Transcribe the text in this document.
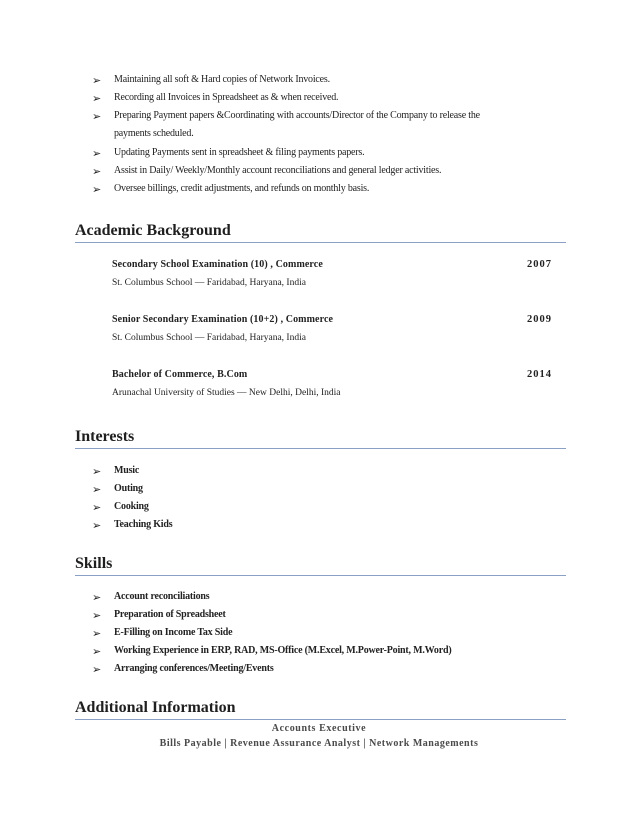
➢ Maintaining all soft & Hard copies of Network Invoices.
➢ Recording all Invoices in Spreadsheet as & when received.
➢ Preparing Payment papers &Coordinating with accounts/Director of the Company to release the
payments scheduled.
➢ Updating Payments sent in spreadsheet & filing payments papers.
➢ Assist in Daily/ Weekly/Monthly account reconciliations and general ledger activities.
➢ Oversee billings, credit adjustments, and refunds on monthly basis.
Academic Background
Secondary School Examination (10) , Commerce	2007
St. Columbus School — Faridabad, Haryana, India
Senior Secondary Examination (10+2) , Commerce	2009
St. Columbus School — Faridabad, Haryana, India
Bachelor of Commerce, B.Com	2014
Arunachal University of Studies — New Delhi, Delhi, India
Interests
➢ Music
➢ Outing
➢ Cooking
➢ Teaching Kids
Skills
➢ Account reconciliations
➢ Preparation of Spreadsheet
➢ E-Filling on Income Tax Side
➢ Working Experience in ERP, RAD, MS-Office (M.Excel, M.Power-Point, M.Word)
➢ Arranging conferences/Meeting/Events
Additional Information
Accounts Executive
Bills Payable | Revenue Assurance Analyst | Network Managements
